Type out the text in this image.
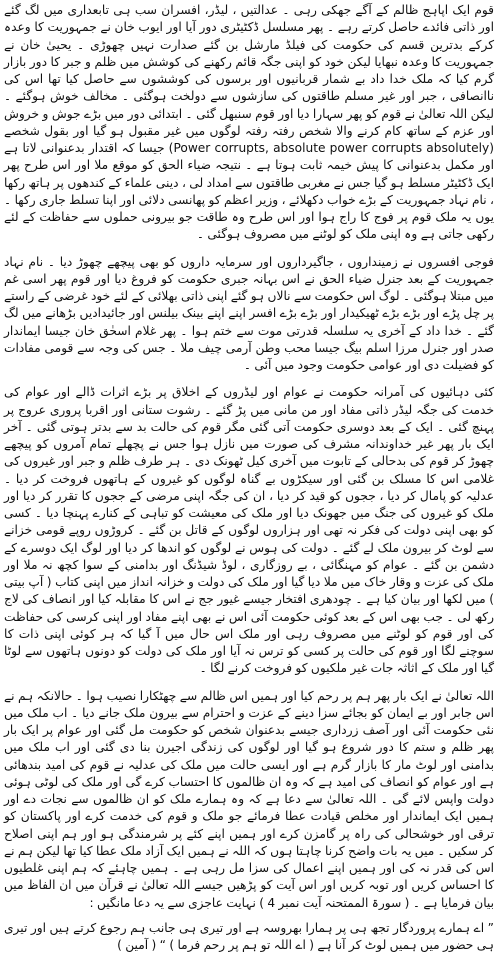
قوم ایک اپاہج ظالم کے آگے جھکی رہی ۔ عدالتیں ، لیڈر، افسران سب ہی تابعداری میں لگ گئے اور ذاتی فائدے حاصل کرتے رہے ۔ پھر مسلسل ڈکٹیٹری دور آیا اور ایوب خان نے جمہوریت کا وعدہ کرکے بدترین قسم کی حکومت کی فیلڈ مارشل بن گئے صدارت نہیں چھوڑی ۔ یحییٰ خان نے جمہوریت کا وعدہ نبھایا لیکن خود کو اپنی جگہ قائم رکھنے کی کوشش میں ظلم و جبر کا دور بازار گرم کیا کہ ملک خدا داد بے شمار قربانیوں اور برسوں کی کوششوں سے حاصل کیا تھا اس کی ناانصافی ، جبر اور غیر مسلم طاقتوں کی سازشوں سے دولخت ہوگئی ۔ مخالف خوش ہوگئے ۔ لیکن اللہ تعالیٰ نے قوم کو پھر سہارا دیا اور قوم سنبھل گئی ۔ ابتدائی دور میں بڑے جوش و خروش اور عزم کے ساتھ کام کرنے والا شخص رفتہ رفتہ لوگوں میں غیر مقبول ہو گیا اور بقول شخصے (Power corrupts, absolute power corrupts absolutely) جیسا کہ اقتدار بدعنوانی لاتا ہے اور مکمل بدعنوانی کا پیش خیمہ ثابت ہوتا ہے ۔ نتیجہ ضیاء الحق کو موقع ملا اور اس طرح پھر ایک ڈکٹیٹر مسلط ہو گیا جس نے مغربی طاقتوں سے امداد لی ، دینی علماء کے کندھوں پر ہاتھ رکھا ، نام نہاد جمہوریت کے بڑے خواب دکھلائے ، وزیر اعظم کو پھانسی دلائی اور اپنا تسلط جاری رکھا ۔ یوں یہ ملک قوم پر فوج کا راج ہوا اور اس طرح وہ طاقت جو بیرونی حملوں سے حفاظت کے لئے رکھی جاتی ہے وہ اپنی ملک کو لوٹنے میں مصروف ہوگئی ۔

فوجی افسروں نے زمینداروں ، جاگیرداروں اور سرمایہ داروں کو بھی پیچھے چھوڑ دیا ۔ نام نہاد جمہوریت کے بعد جنرل ضیاء الحق نے اس بہانہ جبری حکومت کو فروغ دیا اور قوم پھر اسی غم میں مبتلا ہوگئی ۔ لوگ اس حکومت سے نالاں ہو گئے اپنی ذاتی بھلائی کے لئے خود غرضی کے راستے پر چل پڑے اور بڑے بڑے ٹھیکیدار اور بڑے بڑے افسر اپنے اپنے بینک بیلنس اور جائیدادیں بڑھانے میں لگ گئے ۔ خدا داد کے آخری یہ سلسلہ قدرتی موت سے ختم ہوا ۔ پھر غلام اسحٰق خان جیسا ایماندار صدر اور جنرل مرزا اسلم بیگ جیسا محب وطن آرمی چیف ملا ۔ جس کی وجہ سے قومی مفادات کو فضیلت دی اور عوامی حکومت وجود میں آئی ۔

کئی دہائیوں کی آمرانہ حکومت نے عوام اور لیڈروں کے اخلاق پر بڑے اثرات ڈالے اور عوام کی خدمت کی جگہ لیڈر ذاتی مفاد اور من مانی میں پڑ گئے ۔ رشوت ستانی اور اقربا پروری عروج پر پہنچ گئی ۔ ایک کے بعد دوسری حکومت آتی گئی مگر قوم کی حالت بد سے بدتر ہوتی گئی ۔ آخر ایک بار پھر غیر خداوندانہ مشرف کی صورت میں نازل ہوا جس نے پچھلے تمام آمروں کو پیچھے چھوڑ کر قوم کی بدحالی کے تابوت میں آخری کیل ٹھونک دی ۔ ہر طرف ظلم و جبر اور غیروں کی غلامی اس کا مسلک بن گئی اور سیکڑوں بے گناہ لوگوں کو غیروں کے ہاتھوں فروخت کر دیا ۔ عدلیہ کو پامال کر دیا ، ججوں کو قید کر دیا ، ان کی جگہ اپنی مرضی کے ججوں کا تقرر کر دیا اور ملک کو غیروں کی جنگ میں جھونک دیا اور ملک کی معیشت کو تباہی کے کنارے پہنچا دیا ۔ کسی کو بھی اپنی دولت کی فکر نہ تھی اور ہزاروں لوگوں کے قاتل بن گئے ۔ کروڑوں روپے قومی خزانے سے لوٹ کر بیرون ملک لے گئے ۔ دولت کی ہوس نے لوگوں کو اندھا کر دیا اور لوگ ایک دوسرے کے دشمن بن گئے ۔ عوام کو مہنگائی ، بے روزگاری ، لوڈ شیڈنگ اور بدامنی کے سوا کچھ نہ ملا اور ملک کی عزت و وقار خاک میں ملا دیا گیا اور ملک کی دولت و خزانہ انداز میں اپنی کتاب ( آپ بیتی ) میں لکھا اور بیان کیا ہے ۔ چودھری افتخار جیسے غیور جج نے اس کا مقابلہ کیا اور انصاف کی لاج رکھ لی ۔ جب بھی اس کے بعد کوئی حکومت آئی اس نے بھی اپنے مفاد اور اپنی کرسی کی حفاظت کی اور قوم کو لوٹنے میں مصروف رہی اور ملک اس حال میں آ گیا کہ ہر کوئی اپنی ذات کا سوچنے لگا اور قوم کی حالت پر کسی کو ترس نہ آیا اور ملک کی دولت کو دونوں ہاتھوں سے لوٹا گیا اور ملک کے اثاثہ جات غیر ملکیوں کو فروخت کرنے لگا ۔

اللہ تعالیٰ نے ایک بار پھر ہم پر رحم کیا اور ہمیں اس ظالم سے چھٹکارا نصیب ہوا ۔ حالانکہ ہم نے اس جابر اور بے ایمان کو بجائے سزا دینے کے عزت و احترام سے بیرون ملک جانے دیا ۔ اب ملک میں نئی حکومت آئی اور آصف زرداری جیسے بدعنوان شخص کو حکومت مل گئی اور عوام پر ایک بار پھر ظلم و ستم کا دور شروع ہو گیا اور لوگوں کی زندگی اجیرن بنا دی گئی اور اب ملک میں بدامنی اور لوٹ مار کا بازار گرم ہے اور ایسی حالت میں ملک کی عدلیہ نے قوم کی امید بندھائی ہے اور عوام کو انصاف کی امید ہے کہ وہ ان ظالموں کا احتساب کرے گی اور ملک کی لوٹی ہوئی دولت واپس لائے گی ۔ اللہ تعالیٰ سے دعا ہے کہ وہ ہمارے ملک کو ان ظالموں سے نجات دے اور ہمیں ایک ایماندار اور مخلص قیادت عطا فرمائے جو ملک و قوم کی خدمت کرے اور پاکستان کو ترقی اور خوشحالی کی راہ پر گامزن کرے اور ہمیں اپنے کئے پر شرمندگی ہو اور ہم اپنی اصلاح کر سکیں ۔ میں یہ بات واضح کرنا چاہتا ہوں کہ اللہ نے ہمیں ایک آزاد ملک عطا کیا تھا لیکن ہم نے اس کی قدر نہ کی اور ہمیں اپنے اعمال کی سزا مل رہی ہے ۔ ہمیں چاہئے کہ ہم اپنی غلطیوں کا احساس کریں اور توبہ کریں اور اس آیت کو پڑھیں جیسے اللہ تعالیٰ نے قرآن میں ان الفاظ میں بیان فرمایا ہے ۔ ( سورۃ الممتحنہ آیت نمبر 4 ) نہایت عاجزی سے یہ دعا مانگیں :

” اے ہمارے پروردگار تجھ ہی پر ہمارا بھروسہ ہے اور تیری ہی جانب ہم رجوع کرتے ہیں اور تیری ہی حضور میں ہمیں لوٹ کر آنا ہے ( اے اللہ تو ہم پر رحم فرما ) “ ( آمین )
